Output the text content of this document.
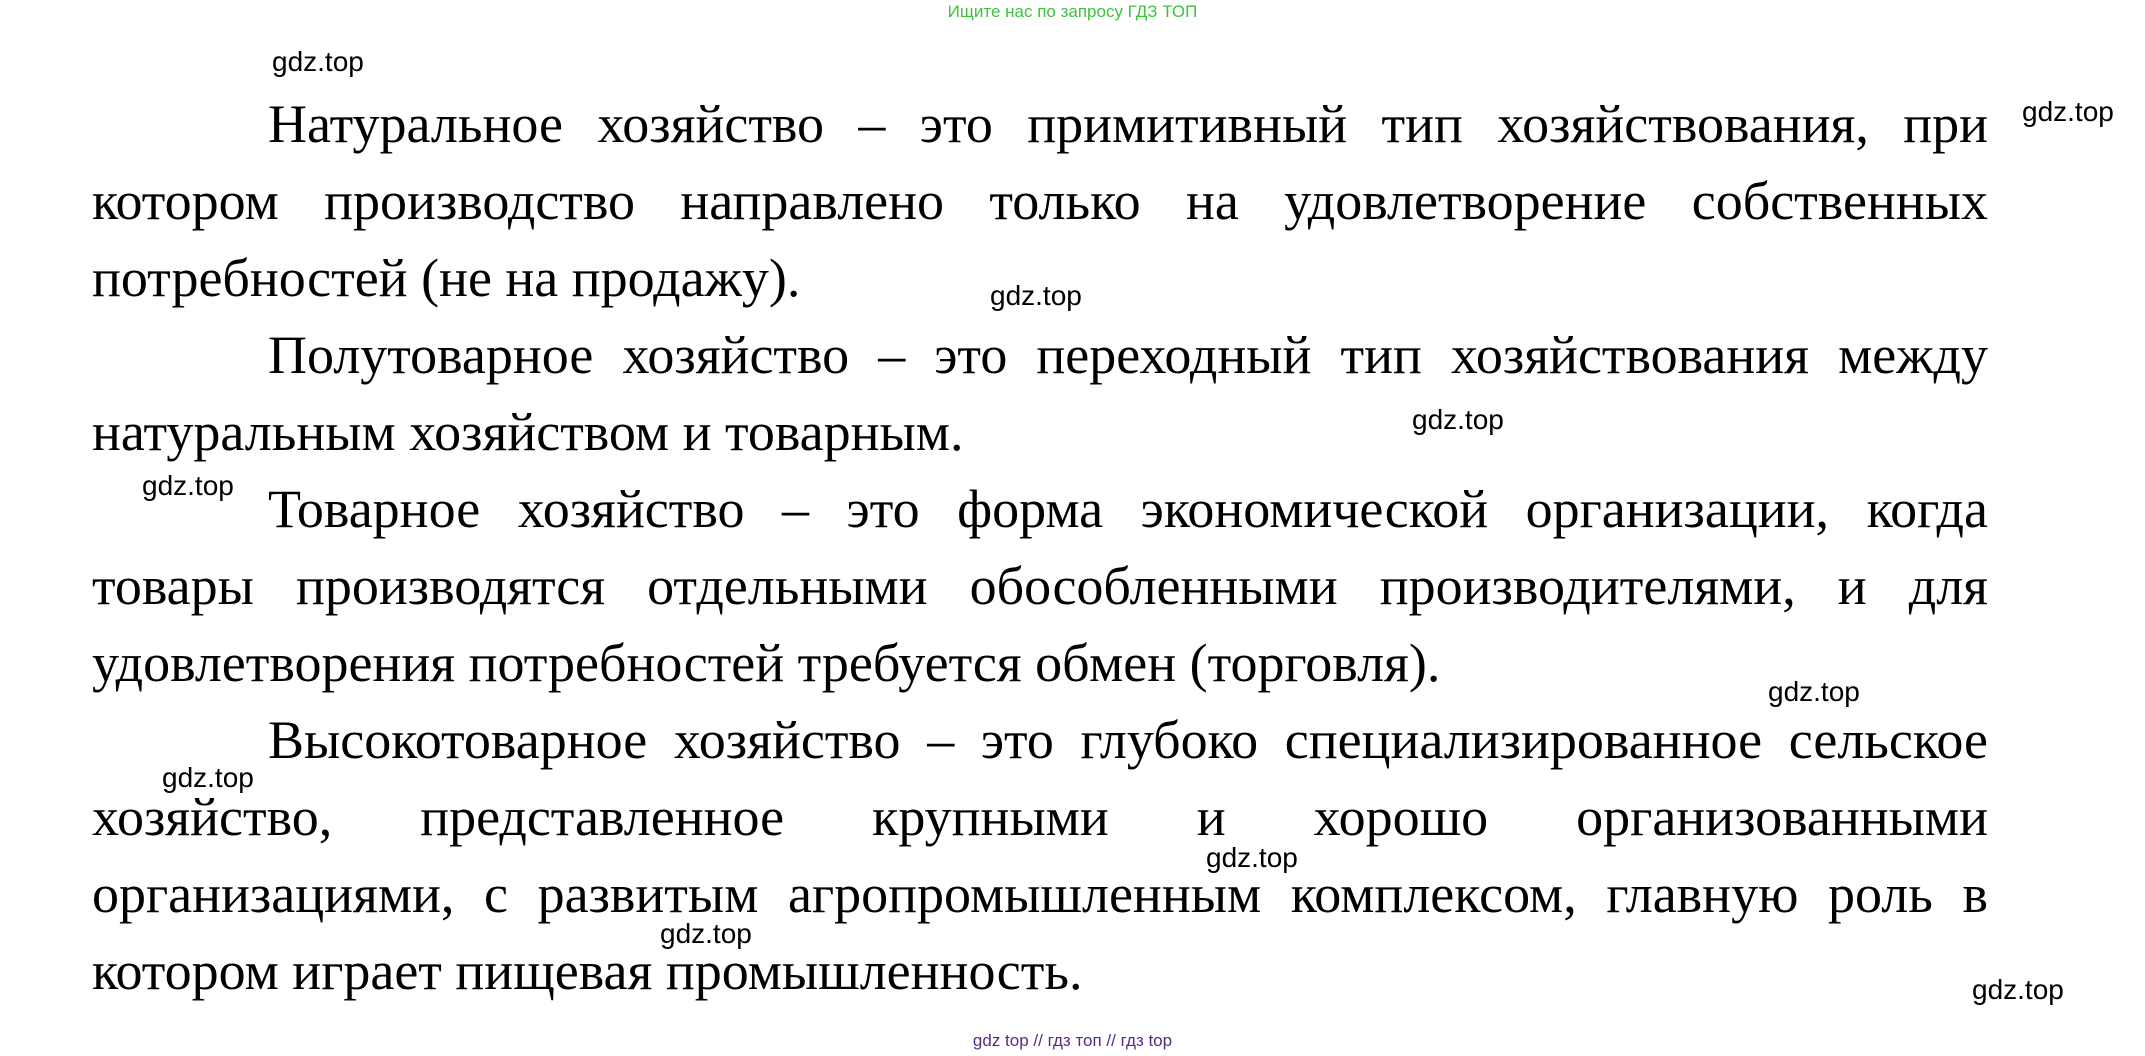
Ищите нас по запросу ГДЗ ТОП

Натуральное хозяйство – это примитивный тип хозяйствования, при котором производство направлено только на удовлетворение собственных потребностей (не на продажу).

Полутоварное хозяйство – это переходный тип хозяйствования между натуральным хозяйством и товарным.

Товарное хозяйство – это форма экономической организации, когда товары производятся отдельными обособленными производителями, и для удовлетворения потребностей требуется обмен (торговля).

Высокотоварное хозяйство – это глубоко специализированное сельское хозяйство, представленное крупными и хорошо организованными организациями, с развитым агропромышленным комплексом, главную роль в котором играет пищевая промышленность.

gdz.top
gdz.top
gdz.top
gdz.top
gdz.top
gdz.top
gdz.top
gdz.top
gdz.top
gdz.top
gdz top // гдз топ // гдз top
